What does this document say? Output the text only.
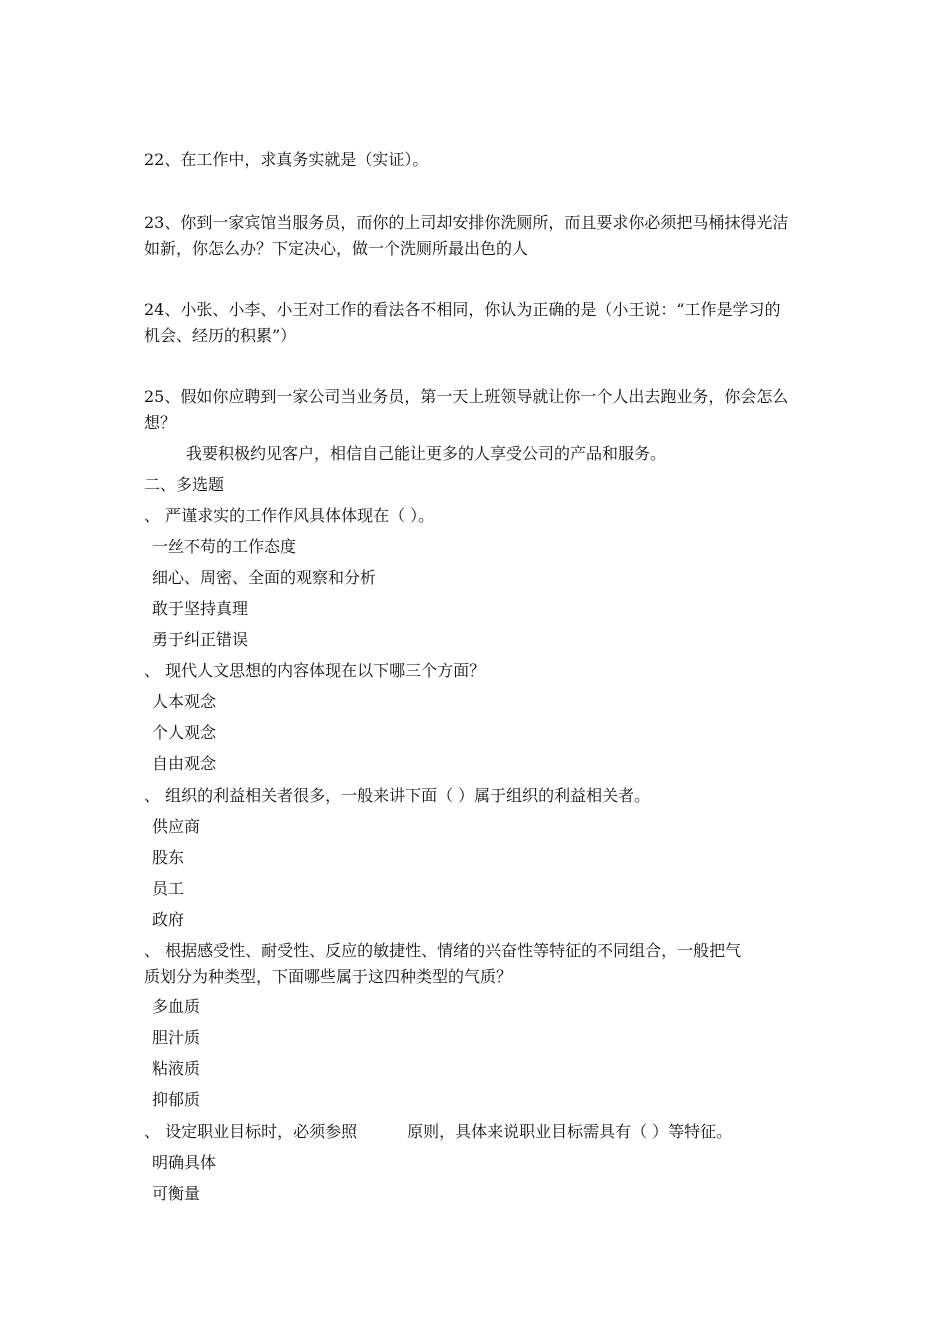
22、在工作中，求真务实就是（实证）。
23、你到一家宾馆当服务员，而你的上司却安排你洗厕所，而且要求你必须把马桶抹得光洁
如新，你怎么办？下定决心，做一个洗厕所最出色的人
24、小张、小李、小王对工作的看法各不相同，你认为正确的是（小王说：“工作是学习的
机会、经历的积累”）
25、假如你应聘到一家公司当业务员，第一天上班领导就让你一个人出去跑业务，你会怎么
想？
我要积极约见客户，相信自己能让更多的人享受公司的产品和服务。
二、多选题
、 严谨求实的工作作风具体体现在（ ）。
一丝不苟的工作态度
细心、周密、全面的观察和分析
敢于坚持真理
勇于纠正错误
、 现代人文思想的内容体现在以下哪三个方面？
人本观念
个人观念
自由观念
、 组织的利益相关者很多，一般来讲下面（ ）属于组织的利益相关者。
供应商
股东
员工
政府
、 根据感受性、耐受性、反应的敏捷性、情绪的兴奋性等特征的不同组合，一般把气
质划分为种类型，下面哪些属于这四种类型的气质？
多血质
胆汁质
粘液质
抑郁质
、 设定职业目标时，必须参照	原则，具体来说职业目标需具有（ ）等特征。
明确具体
可衡量
